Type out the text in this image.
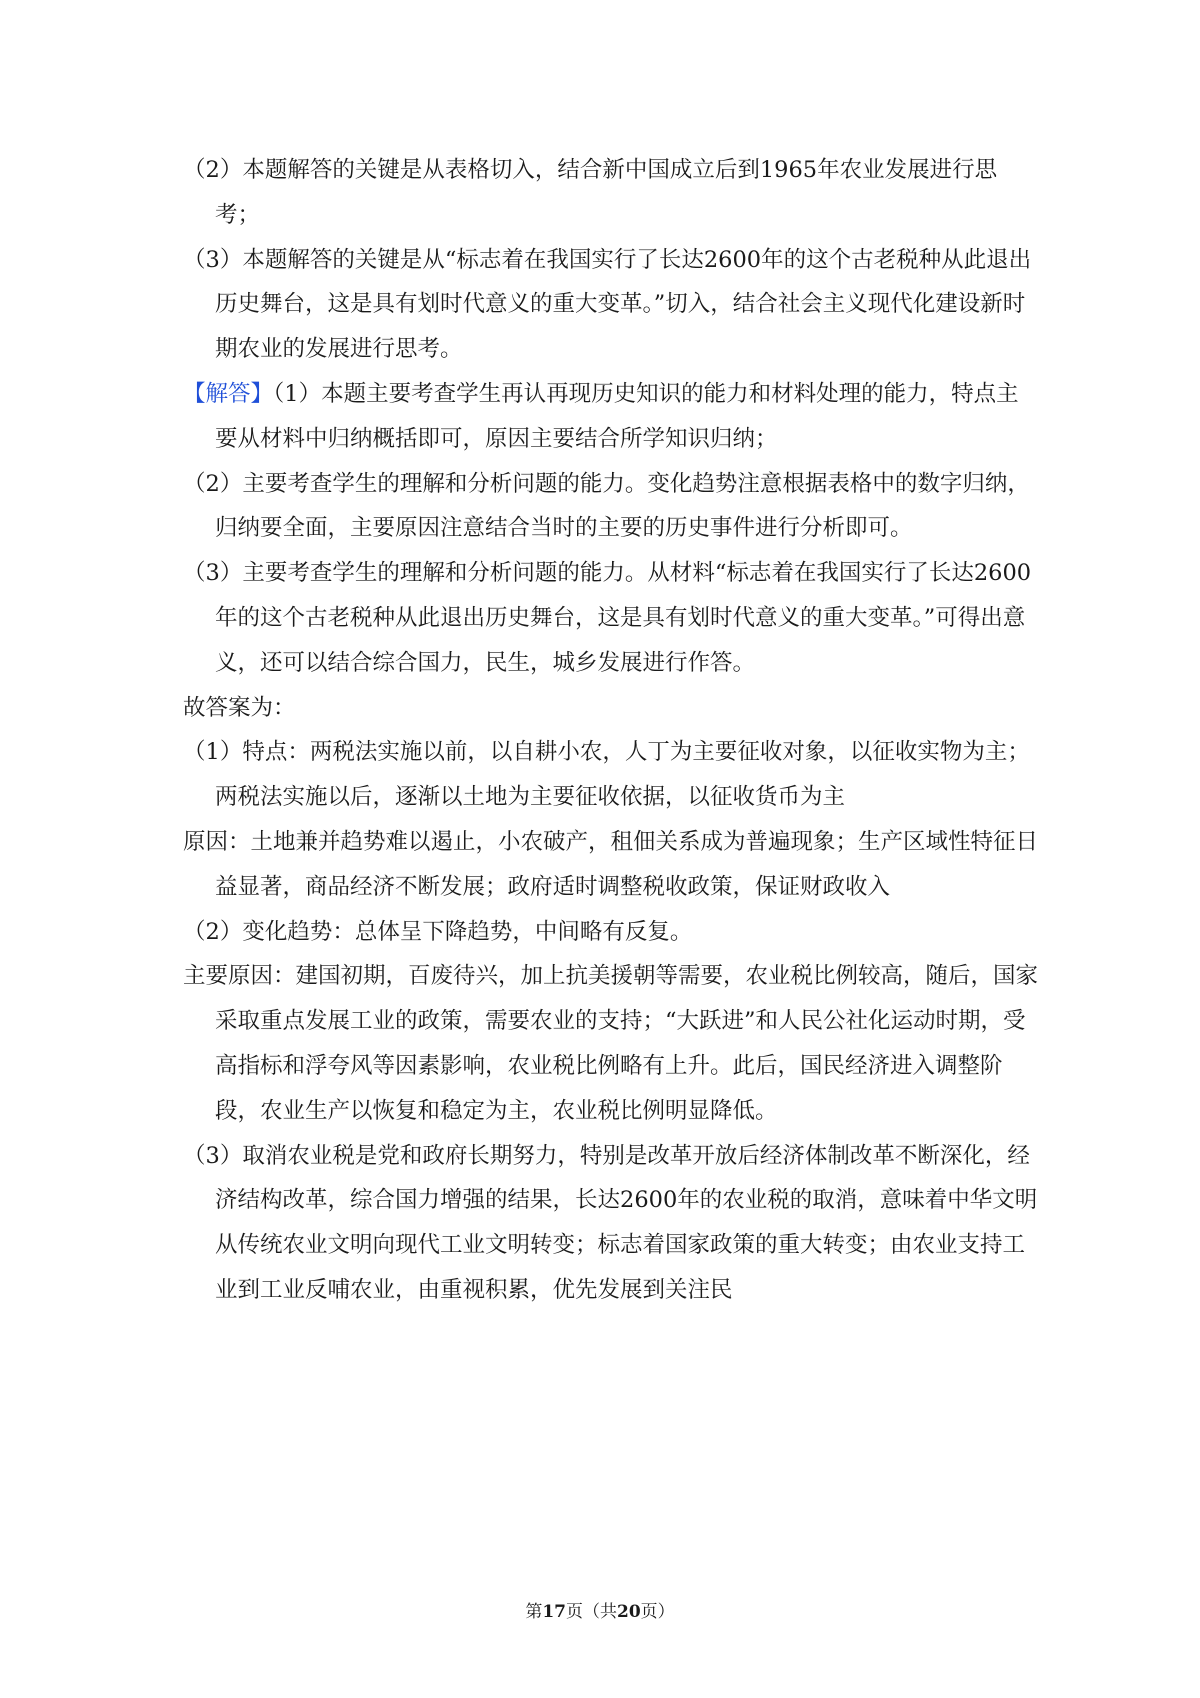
（2）本题解答的关键是从表格切入，结合新中国成立后到1965年农业发展进行思考；

（3）本题解答的关键是从“标志着在我国实行了长达2600年的这个古老税种从此退出历史舞台，这是具有划时代意义的重大变革。”切入，结合社会主义现代化建设新时期农业的发展进行思考。

【解答】（1）本题主要考查学生再认再现历史知识的能力和材料处理的能力，特点主要从材料中归纳概括即可，原因主要结合所学知识归纳；

（2）主要考查学生的理解和分析问题的能力。变化趋势注意根据表格中的数字归纳，归纳要全面，主要原因注意结合当时的主要的历史事件进行分析即可。

（3）主要考查学生的理解和分析问题的能力。从材料“标志着在我国实行了长达2600年的这个古老税种从此退出历史舞台，这是具有划时代意义的重大变革。”可得出意义，还可以结合综合国力，民生，城乡发展进行作答。

故答案为：

（1）特点：两税法实施以前，以自耕小农，人丁为主要征收对象，以征收实物为主；　两税法实施以后，逐渐以土地为主要征收依据，以征收货币为主

原因：土地兼并趋势难以遏止，小农破产，租佃关系成为普遍现象；生产区域性特征日益显著，商品经济不断发展；政府适时调整税收政策，保证财政收入

（2）变化趋势：总体呈下降趋势，中间略有反复。

主要原因：建国初期，百废待兴，加上抗美援朝等需要，农业税比例较高，随后，国家采取重点发展工业的政策，需要农业的支持；“大跃进”和人民公社化运动时期，受高指标和浮夸风等因素影响，农业税比例略有上升。此后，国民经济进入调整阶段，农业生产以恢复和稳定为主，农业税比例明显降低。

（3）取消农业税是党和政府长期努力，特别是改革开放后经济体制改革不断深化，经济结构改革，综合国力增强的结果，长达2600年的农业税的取消，意味着中华文明从传统农业文明向现代工业文明转变；标志着国家政策的重大转变；由农业支持工业到工业反哺农业，由重视积累，优先发展到关注民

第17页（共20页）
